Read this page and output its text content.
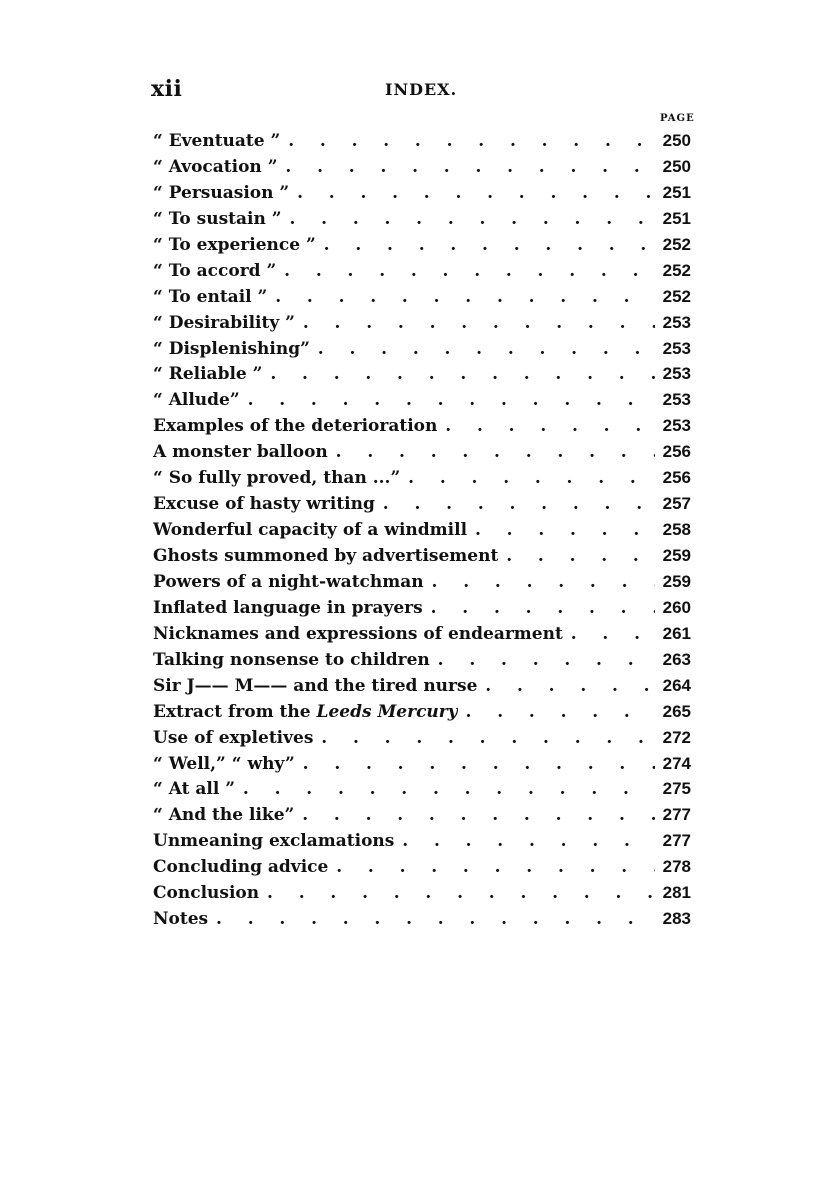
xii	INDEX.
PAGE
“ Eventuate ” . .	250
“ Avocation ” . .	250
“ Persuasion ” . .	251
“ To sustain ” . .	251
“ To experience ” . .	252
“ To accord ” . .	252
“ To entail ” . .	252
“ Desirability ” . .	253
“ Displenishing” . .	253
“ Reliable ” . .	253
“ Allude” . .	253
Examples of the deterioration . .	253
A monster balloon . .	256
“ So fully proved, than ...” . .	256
Excuse of hasty writing . .	257
Wonderful capacity of a windmill . .	258
Ghosts summoned by advertisement . .	259
Powers of a night-watchman . .	259
Inflated language in prayers . .	260
Nicknames and expressions of endearment . .	261
Talking nonsense to children . .	263
Sir J—— M—— and the tired nurse . .	264
Extract from the Leeds Mercury . .	265
Use of expletives . .	272
“ Well,” “ why” . .	274
“ At all ” . .	275
“ And the like” . .	277
Unmeaning exclamations . .	277
Concluding advice . .	278
Conclusion . .	281
Notes . .	283
